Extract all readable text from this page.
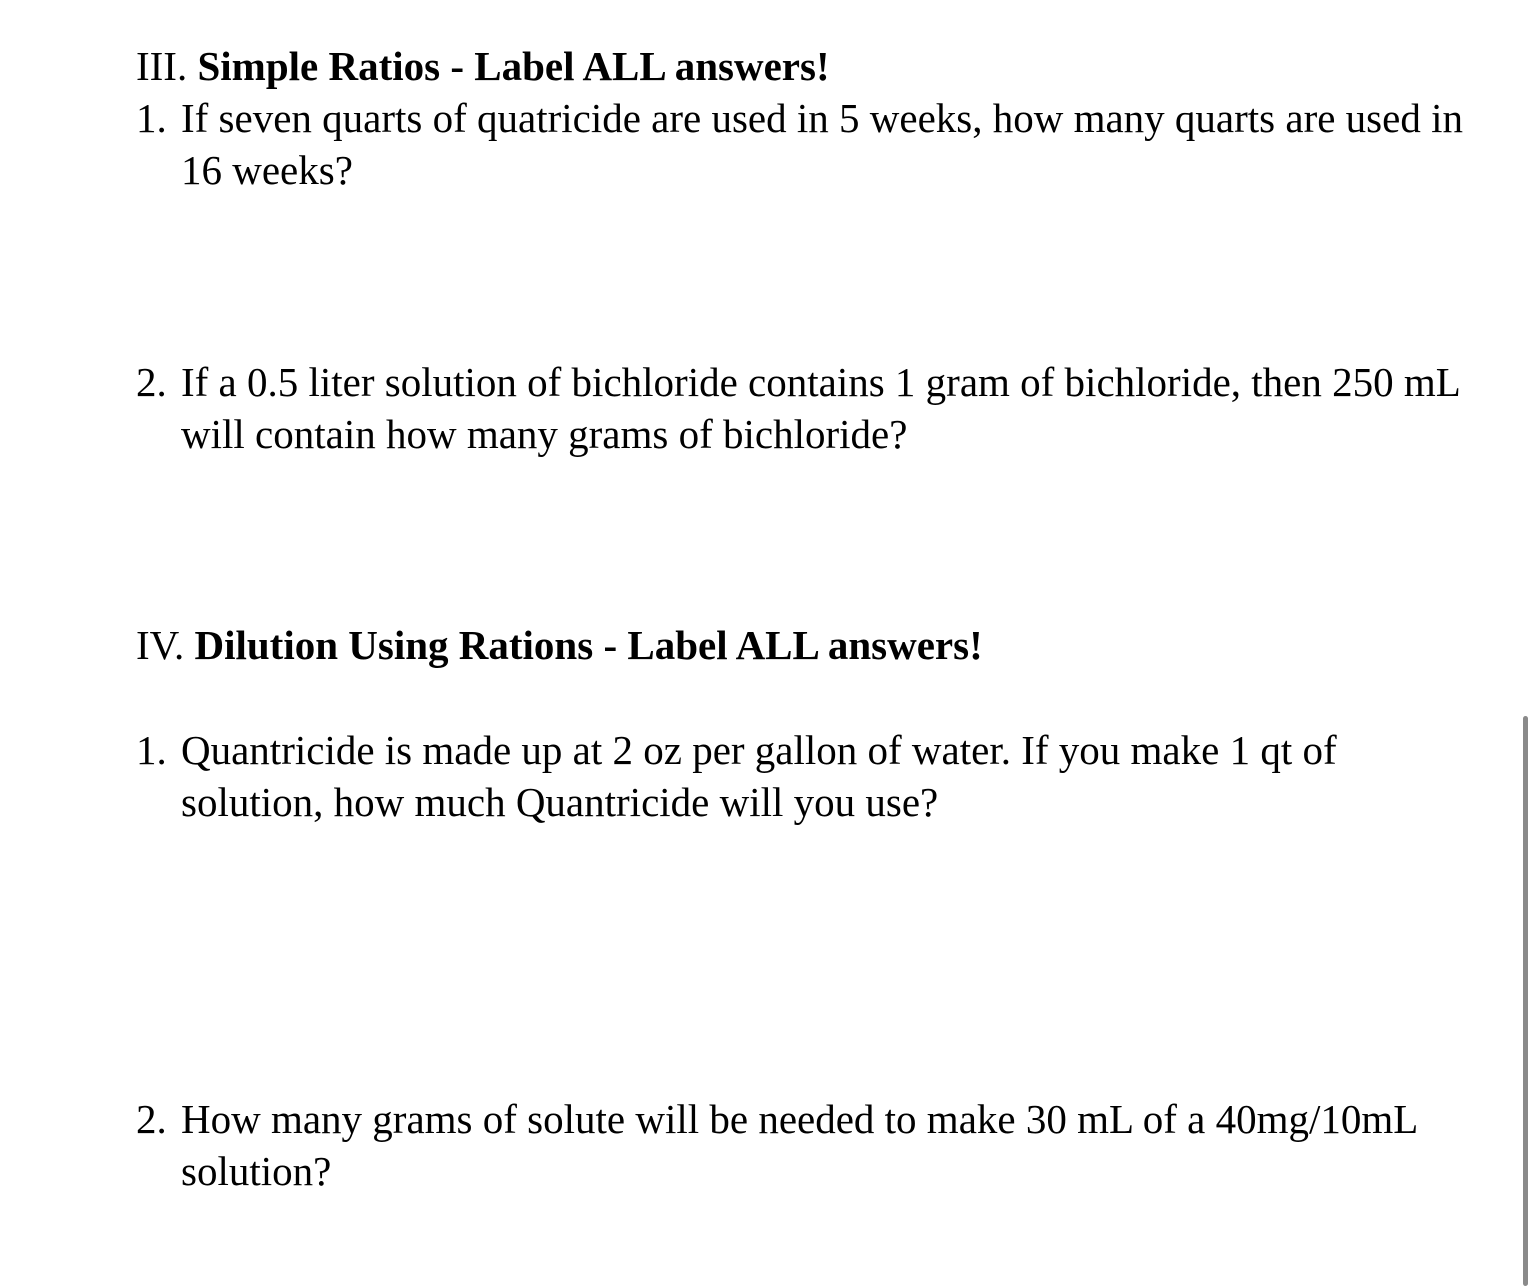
III. Simple Ratios - Label ALL answers!
1. If seven quarts of quatricide are used in 5 weeks, how many quarts are used in 16 weeks?
2. If a 0.5 liter solution of bichloride contains 1 gram of bichloride, then 250 mL will contain how many grams of bichloride?
IV. Dilution Using Rations - Label ALL answers!
1. Quantricide is made up at 2 oz per gallon of water. If you make 1 qt of solution, how much Quantricide will you use?
2. How many grams of solute will be needed to make 30 mL of a 40mg/10mL solution?
